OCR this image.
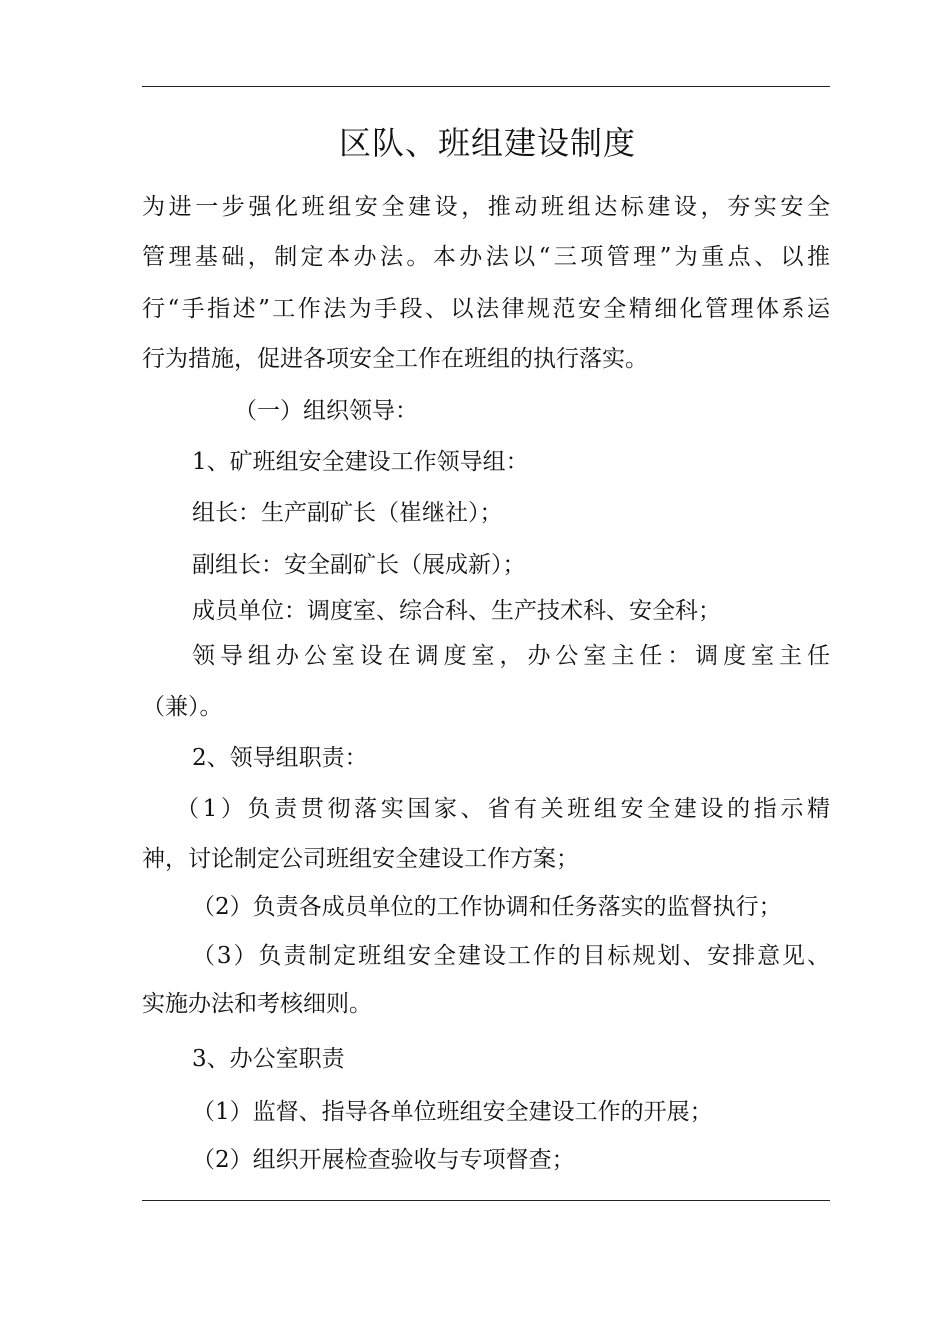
区队、班组建设制度
为进一步强化班组安全建设，推动班组达标建设，夯实安全
管理基础，制定本办法。本办法以“三项管理”为重点、以推
行“手指述”工作法为手段、以法律规范安全精细化管理体系运
行为措施，促进各项安全工作在班组的执行落实。
（一）组织领导：
1、矿班组安全建设工作领导组：
组长：生产副矿长（崔继社）；
副组长：安全副矿长（展成新）；
成员单位：调度室、综合科、生产技术科、安全科；
领导组办公室设在调度室，办公室主任：调度室主任
（兼）。
2、领导组职责：
（1）负责贯彻落实国家、省有关班组安全建设的指示精
神，讨论制定公司班组安全建设工作方案；
（2）负责各成员单位的工作协调和任务落实的监督执行；
（3）负责制定班组安全建设工作的目标规划、安排意见、
实施办法和考核细则。
3、办公室职责
（1）监督、指导各单位班组安全建设工作的开展；
（2）组织开展检查验收与专项督查；
